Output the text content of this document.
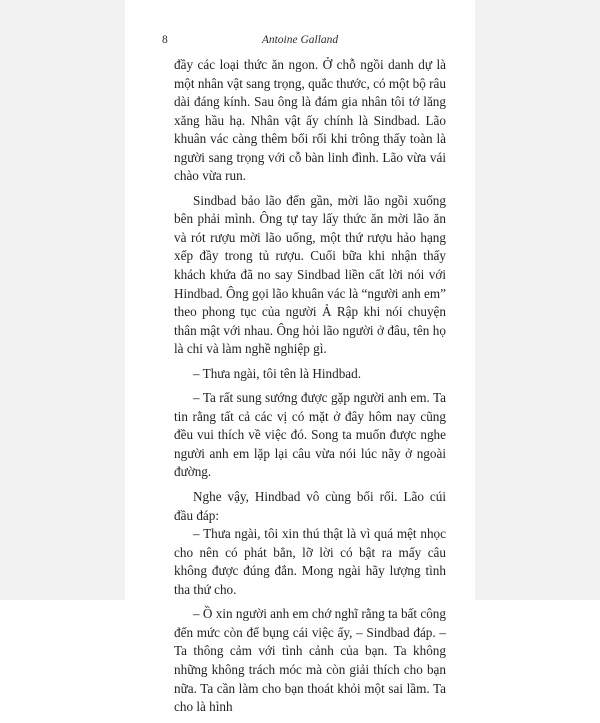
8	Antoine Galland

đầy các loại thức ăn ngon. Ở chỗ ngồi danh dự là một nhân vật sang trọng, quắc thước, có một bộ râu dài đáng kính. Sau ông là đám gia nhân tôi tớ lăng xăng hầu hạ. Nhân vật ấy chính là Sindbad. Lão khuân vác càng thêm bối rối khi trông thấy toàn là người sang trọng với cỗ bàn linh đình. Lão vừa vái chào vừa run.

Sindbad bảo lão đến gần, mời lão ngồi xuống bên phải mình. Ông tự tay lấy thức ăn mời lão ăn và rót rượu mời lão uống, một thứ rượu hảo hạng xếp đầy trong tủ rượu. Cuối bữa khi nhận thấy khách khứa đã no say Sindbad liền cất lời nói với Hindbad. Ông gọi lão khuân vác là “người anh em” theo phong tục của người Ả Rập khi nói chuyện thân mật với nhau. Ông hỏi lão người ở đâu, tên họ là chi và làm nghề nghiệp gì.

– Thưa ngài, tôi tên là Hindbad.

– Ta rất sung sướng được gặp người anh em. Ta tin rằng tất cả các vị có mặt ở đây hôm nay cũng đều vui thích về việc đó. Song ta muốn được nghe người anh em lặp lại câu vừa nói lúc nãy ở ngoài đường.

Nghe vậy, Hindbad vô cùng bối rối. Lão cúi đầu đáp:

– Thưa ngài, tôi xin thú thật là vì quá mệt nhọc cho nên có phát bẳn, lỡ lời có bật ra mấy câu không được đúng đắn. Mong ngài hãy lượng tình tha thứ cho.

– Ồ xin người anh em chớ nghĩ rằng ta bất công đến mức còn để bụng cái việc ấy, – Sindbad đáp. – Ta thông cảm với tình cảnh của bạn. Ta không những không trách móc mà còn giải thích cho bạn nữa. Ta cần làm cho bạn thoát khỏi một sai lầm. Ta cho là hình
